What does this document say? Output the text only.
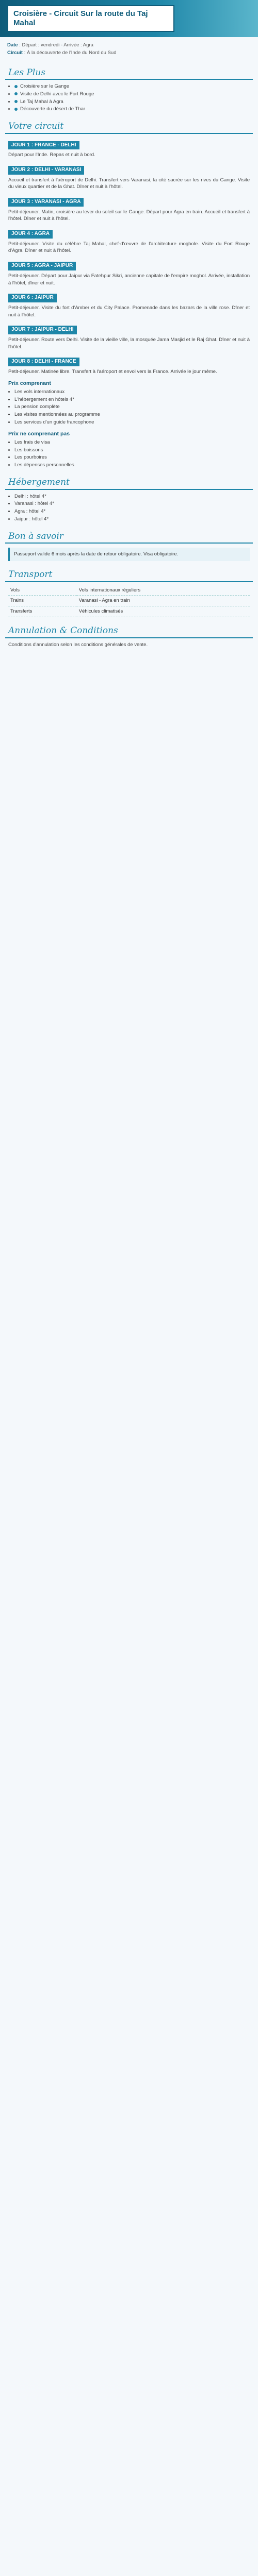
Croisière - Circuit Sur la route du Taj Mahal
Date : Départ : vendredi - Arrivée : Agra
Circuit : À la découverte de l'Inde du Nord du Sud
Les Plus
• Croisière sur le Gange
• Visite de Delhi avec le Fort Rouge
• Le Taj Mahal à Agra
• Découverte du désert de Thar
Votre circuit
JOUR 1 : FRANCE - DELHI
Départ pour l'Inde. Repas et nuit à bord.
JOUR 2 : DELHI - VARANASI
Accueil et transfert à l'aéroport de Delhi. Transfert vers Varanasi, la cité sacrée sur les rives du Gange. Visite du vieux quartier et de la Ghat. Dîner et nuit à l'hôtel.
JOUR 3 : VARANASI - AGRA
Petit-déjeuner. Matin, croisière au lever du soleil sur le Gange. Départ pour Agra en train. Accueil et transfert à l'hôtel. Dîner et nuit à l'hôtel.
JOUR 4 : AGRA
Petit-déjeuner. Visite du célèbre Taj Mahal, chef-d'œuvre de l'architecture moghole. Visite du Fort Rouge d'Agra. Dîner et nuit à l'hôtel.
JOUR 5 : AGRA - JAIPUR
Petit-déjeuner. Départ pour Jaipur via Fatehpur Sikri, ancienne capitale de l'empire moghol. Arrivée, installation à l'hôtel, dîner et nuit.
JOUR 6 : JAIPUR
Petit-déjeuner. Visite du fort d'Amber et du City Palace. Promenade dans les bazars de la ville rose. Dîner et nuit à l'hôtel.
JOUR 7 : JAIPUR - DELHI
Petit-déjeuner. Route vers Delhi. Visite de la vieille ville, la mosquée Jama Masjid et le Raj Ghat. Dîner et nuit à l'hôtel.
JOUR 8 : DELHI - FRANCE
Petit-déjeuner. Matinée libre. Transfert à l'aéroport et envol vers la France. Arrivée le jour même.
Prix comprenant
• Les vols internationaux
• L'hébergement en hôtels 4*
• La pension complète
• Les visites mentionnées au programme
• Les services d'un guide francophone
Prix ne comprenant pas
• Les frais de visa
• Les boissons
• Les pourboires
• Les dépenses personnelles
Hébergement
• Delhi : hôtel 4*
• Varanasi : hôtel 4*
• Agra : hôtel 4*
• Jaipur : hôtel 4*
Bon à savoir
Passeport valide 6 mois après la date de retour obligatoire. Visa obligatoire.
Transport
Vols	Vols internationaux réguliers
Trains	Varanasi - Agra en train
Transferts	Véhicules climatisés
Annulation & Conditions
Conditions d'annulation selon les conditions générales de vente.
